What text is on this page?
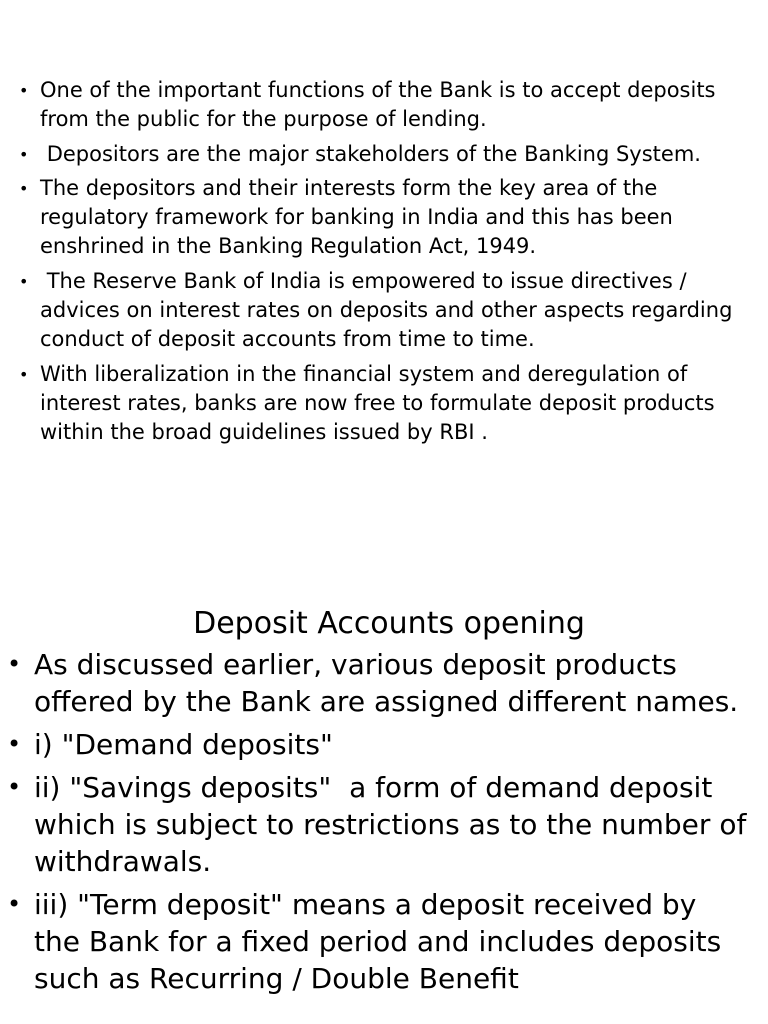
• One of the important functions of the Bank is to accept deposits from the public for the purpose of lending.
•  Depositors are the major stakeholders of the Banking System.
• The depositors and their interests form the key area of the regulatory framework for banking in India and this has been enshrined in the Banking Regulation Act, 1949.
•  The Reserve Bank of India is empowered to issue directives / advices on interest rates on deposits and other aspects regarding conduct of deposit accounts from time to time.
• With liberalization in the financial system and deregulation of interest rates, banks are now free to formulate deposit products within the broad guidelines issued by RBI .
Deposit Accounts opening
• As discussed earlier, various deposit products offered by the Bank are assigned different names.
• i) "Demand deposits"
• ii) "Savings deposits"  a form of demand deposit which is subject to restrictions as to the number of withdrawals.
• iii) "Term deposit" means a deposit received by the Bank for a fixed period and includes deposits such as Recurring / Double Benefit
